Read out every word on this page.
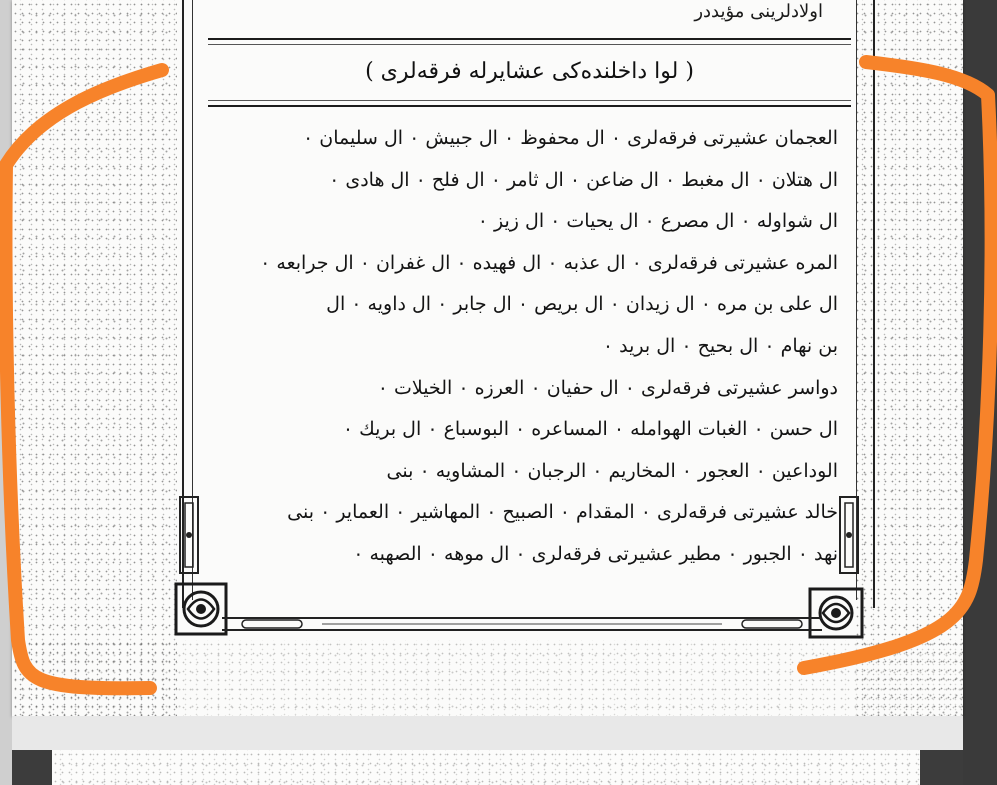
اولادلرينى مؤيددر
( لوا داخلنده‌كى عشايرله فرقه‌لرى )
العجمان عشيرتى فرقه‌لرى ٠ ال محفوظ ٠ ال جبيش ٠ ال سليمان ٠
ال هتلان ٠ ال مغبط ٠ ال ضاعن ٠ ال ثامر ٠ ال فلح ٠ ال هادى ٠
ال شواوله ٠ ال مصرع ٠ ال يحيات ٠ ال زيز ٠
المره عشيرتى فرقه‌لرى ٠ ال عذبه ٠ ال فهيده ٠ ال غفران ٠ ال جرابعه ٠
ال على بن مره ٠ ال زيدان ٠ ال بريص ٠ ال جابر ٠ ال داويه ٠ ال
بن نهام ٠ ال بحيح ٠ ال بريد ٠
دواسر عشيرتى فرقه‌لرى ٠ ال حفيان ٠ العرزه ٠ الخيلات ٠
ال حسن ٠ الغبات الهوامله ٠ المساعره ٠ البوسباع ٠ ال بريك ٠
الوداعين ٠ العجور ٠ المخاريم ٠ الرجبان ٠ المشاويه ٠ بنى
خالد عشيرتى فرقه‌لرى ٠ المقدام ٠ الصبيح ٠ المهاشير ٠ العماير ٠ بنى
نهد ٠ الجبور ٠ مطير عشيرتى فرقه‌لرى ٠ ال موهه ٠ الصهبه ٠
